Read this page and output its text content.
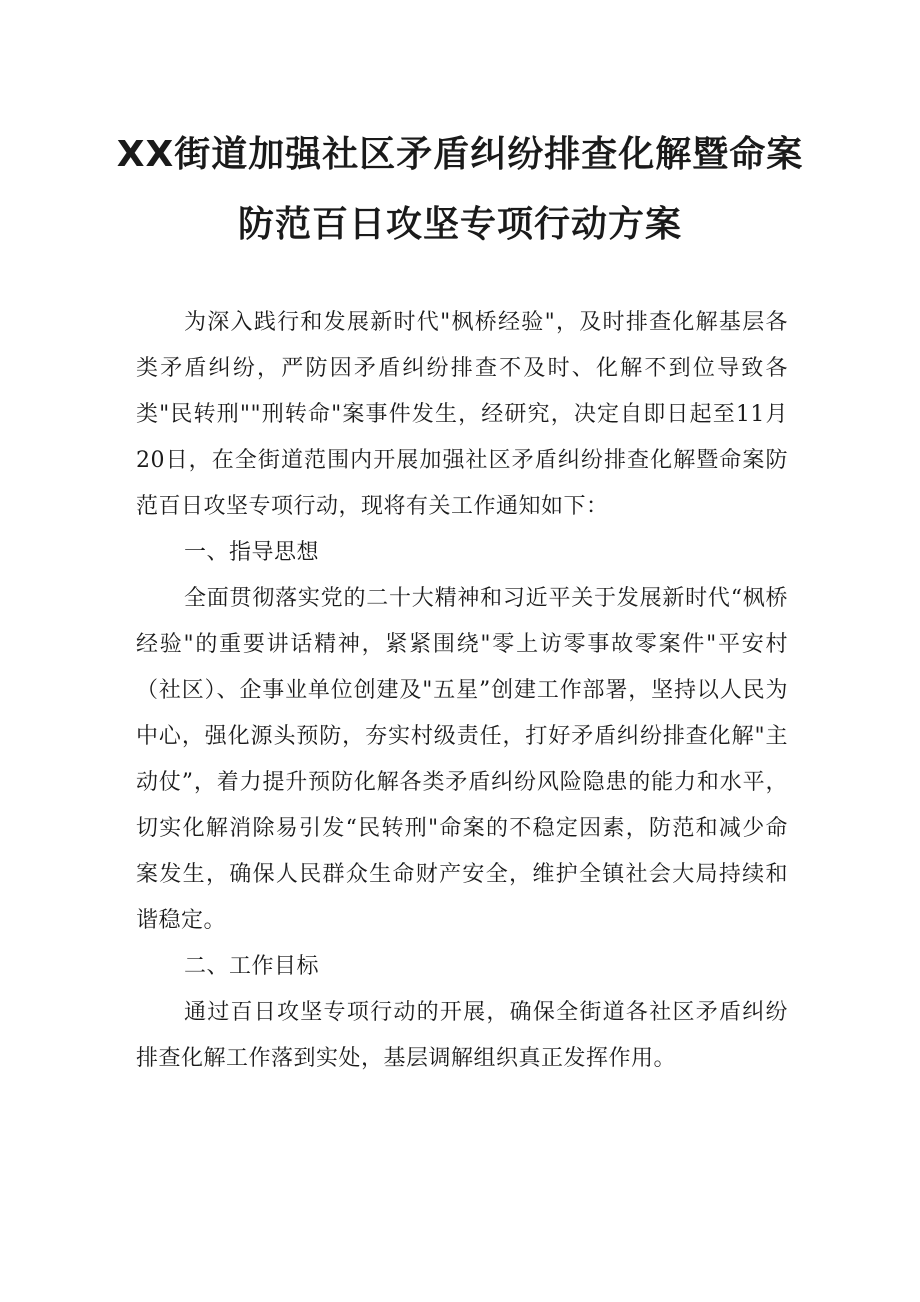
XX街道加强社区矛盾纠纷排查化解暨命案
防范百日攻坚专项行动方案

为深入践行和发展新时代"枫桥经验"，及时排查化解基层各类矛盾纠纷，严防因矛盾纠纷排查不及时、化解不到位导致各类"民转刑""刑转命"案事件发生，经研究，决定自即日起至11月20日，在全街道范围内开展加强社区矛盾纠纷排查化解暨命案防范百日攻坚专项行动，现将有关工作通知如下：

一、指导思想

全面贯彻落实党的二十大精神和习近平关于发展新时代“枫桥经验"的重要讲话精神，紧紧围绕"零上访零事故零案件"平安村（社区）、企事业单位创建及"五星”创建工作部署，坚持以人民为中心，强化源头预防，夯实村级责任，打好矛盾纠纷排查化解"主动仗”，着力提升预防化解各类矛盾纠纷风险隐患的能力和水平，切实化解消除易引发“民转刑"命案的不稳定因素，防范和减少命案发生，确保人民群众生命财产安全，维护全镇社会大局持续和谐稳定。

二、工作目标

通过百日攻坚专项行动的开展，确保全街道各社区矛盾纠纷排查化解工作落到实处，基层调解组织真正发挥作用。
